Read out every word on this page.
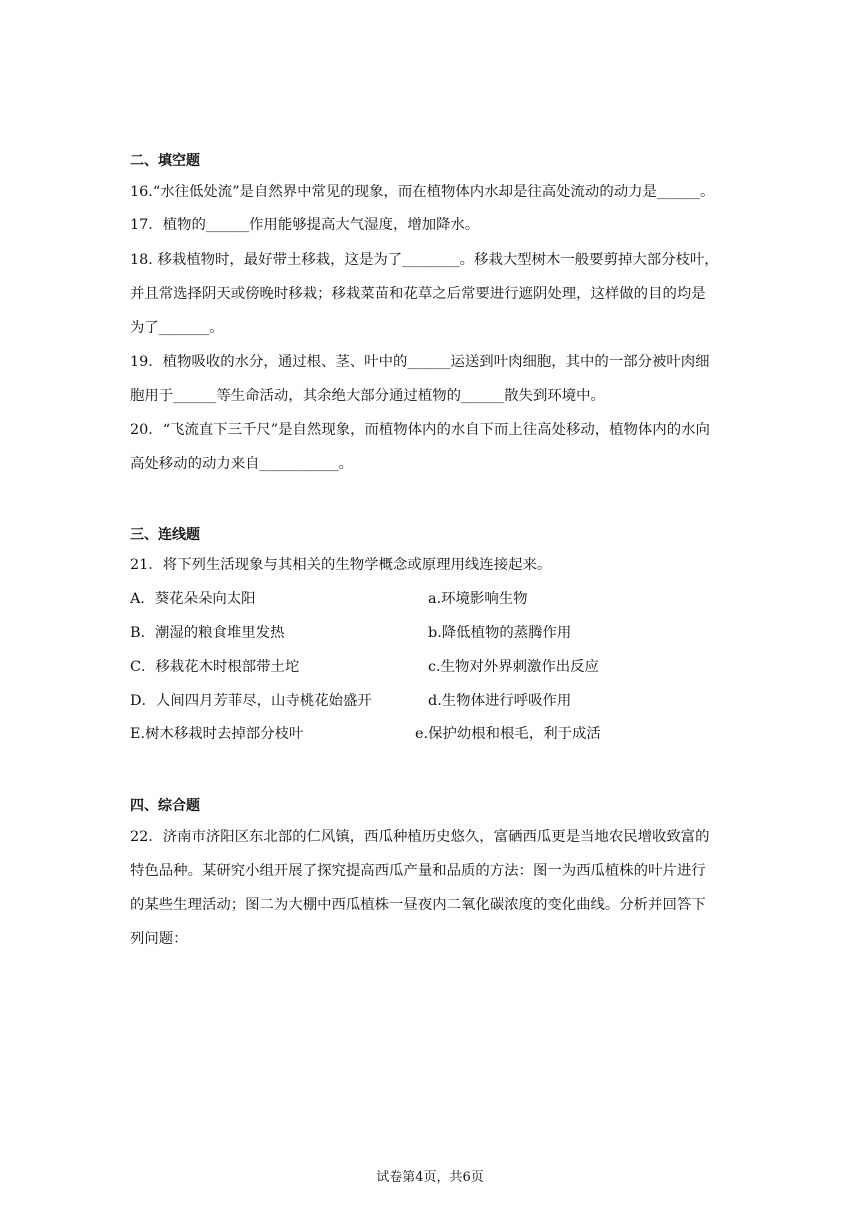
二、填空题
16.“水往低处流”是自然界中常见的现象，而在植物体内水却是往高处流动的动力是______。
17．植物的______作用能够提高大气湿度，增加降水。
18. 移栽植物时，最好带土移栽，这是为了________。移栽大型树木一般要剪掉大部分枝叶，
并且常选择阴天或傍晚时移栽；移栽菜苗和花草之后常要进行遮阴处理，这样做的目的均是
为了_______。
19．植物吸收的水分，通过根、茎、叶中的______运送到叶肉细胞，其中的一部分被叶肉细
胞用于______等生命活动，其余绝大部分通过植物的______散失到环境中。
20．“飞流直下三千尺”是自然现象，而植物体内的水自下而上往高处移动，植物体内的水向
高处移动的动力来自___________。
三、连线题
21．将下列生活现象与其相关的生物学概念或原理用线连接起来。
A．葵花朵朵向太阳	a.环境影响生物
B．潮湿的粮食堆里发热	b.降低植物的蒸腾作用
C．移栽花木时根部带土坨	c.生物对外界刺激作出反应
D．人间四月芳菲尽，山寺桃花始盛开	d.生物体进行呼吸作用
E.树木移栽时去掉部分枝叶	e.保护幼根和根毛，利于成活
四、综合题
22．济南市济阳区东北部的仁风镇，西瓜种植历史悠久，富硒西瓜更是当地农民增收致富的
特色品种。某研究小组开展了探究提高西瓜产量和品质的方法：图一为西瓜植株的叶片进行
的某些生理活动；图二为大棚中西瓜植株一昼夜内二氧化碳浓度的变化曲线。分析并回答下
列问题：
试卷第4页，共6页
